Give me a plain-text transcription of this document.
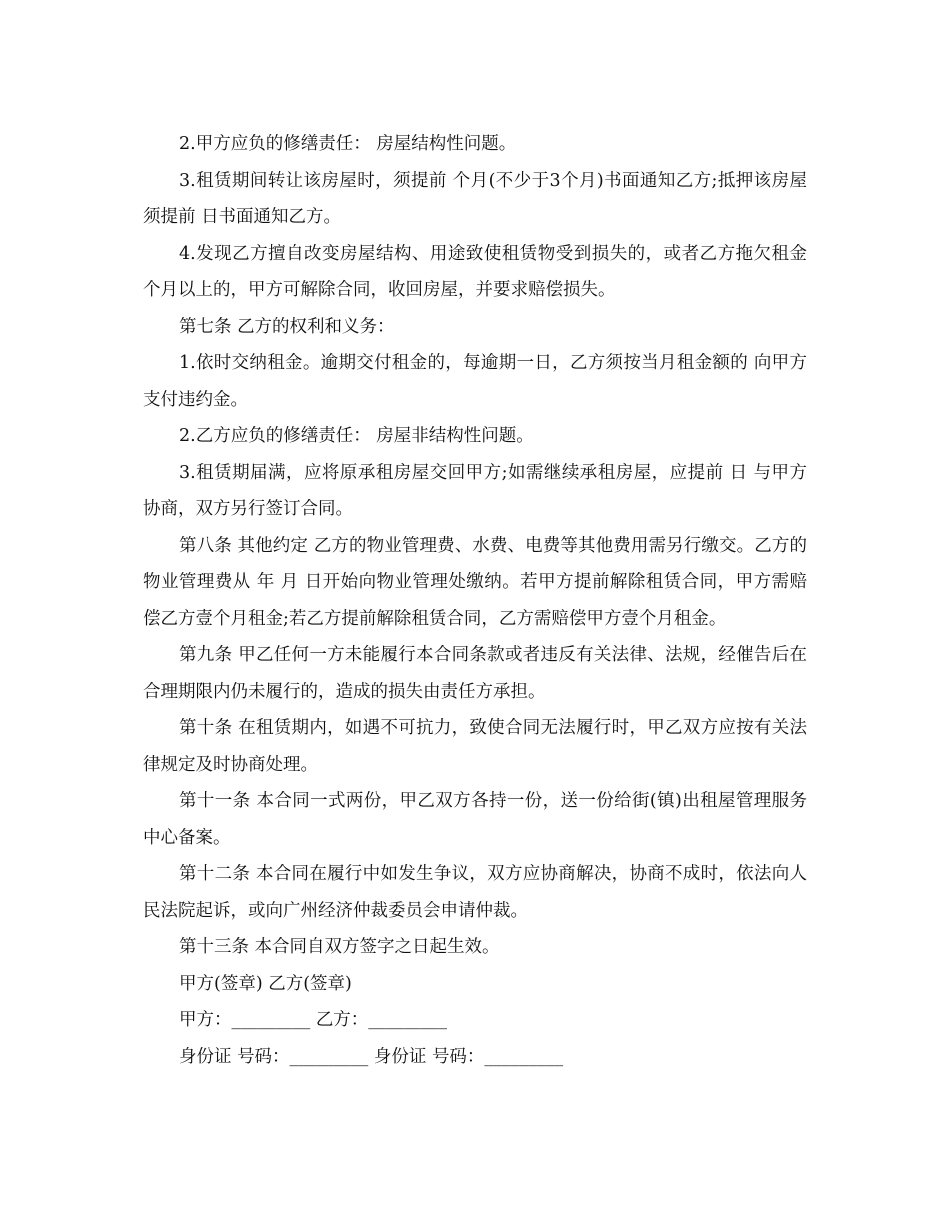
2.甲方应负的修缮责任： 房屋结构性问题。

3.租赁期间转让该房屋时，须提前 个月(不少于3个月)书面通知乙方;抵押该房屋须提前 日书面通知乙方。

4.发现乙方擅自改变房屋结构、用途致使租赁物受到损失的，或者乙方拖欠租金 个月以上的，甲方可解除合同，收回房屋，并要求赔偿损失。

第七条 乙方的权利和义务：

1.依时交纳租金。逾期交付租金的，每逾期一日，乙方须按当月租金额的 向甲方支付违约金。

2.乙方应负的修缮责任： 房屋非结构性问题。

3.租赁期届满，应将原承租房屋交回甲方;如需继续承租房屋，应提前 日 与甲方协商，双方另行签订合同。

第八条 其他约定 乙方的物业管理费、水费、电费等其他费用需另行缴交。乙方的物业管理费从 年 月 日开始向物业管理处缴纳。若甲方提前解除租赁合同，甲方需赔偿乙方壹个月租金;若乙方提前解除租赁合同，乙方需赔偿甲方壹个月租金。

第九条 甲乙任何一方未能履行本合同条款或者违反有关法律、法规，经催告后在合理期限内仍未履行的，造成的损失由责任方承担。

第十条 在租赁期内，如遇不可抗力，致使合同无法履行时，甲乙双方应按有关法律规定及时协商处理。

第十一条 本合同一式两份，甲乙双方各持一份，送一份给街(镇)出租屋管理服务中心备案。

第十二条 本合同在履行中如发生争议，双方应协商解决，协商不成时，依法向人民法院起诉，或向广州经济仲裁委员会申请仲裁。

第十三条 本合同自双方签字之日起生效。

甲方(签章) 乙方(签章)

甲方：_________ 乙方：_________

身份证 号码：_________ 身份证 号码：_________
